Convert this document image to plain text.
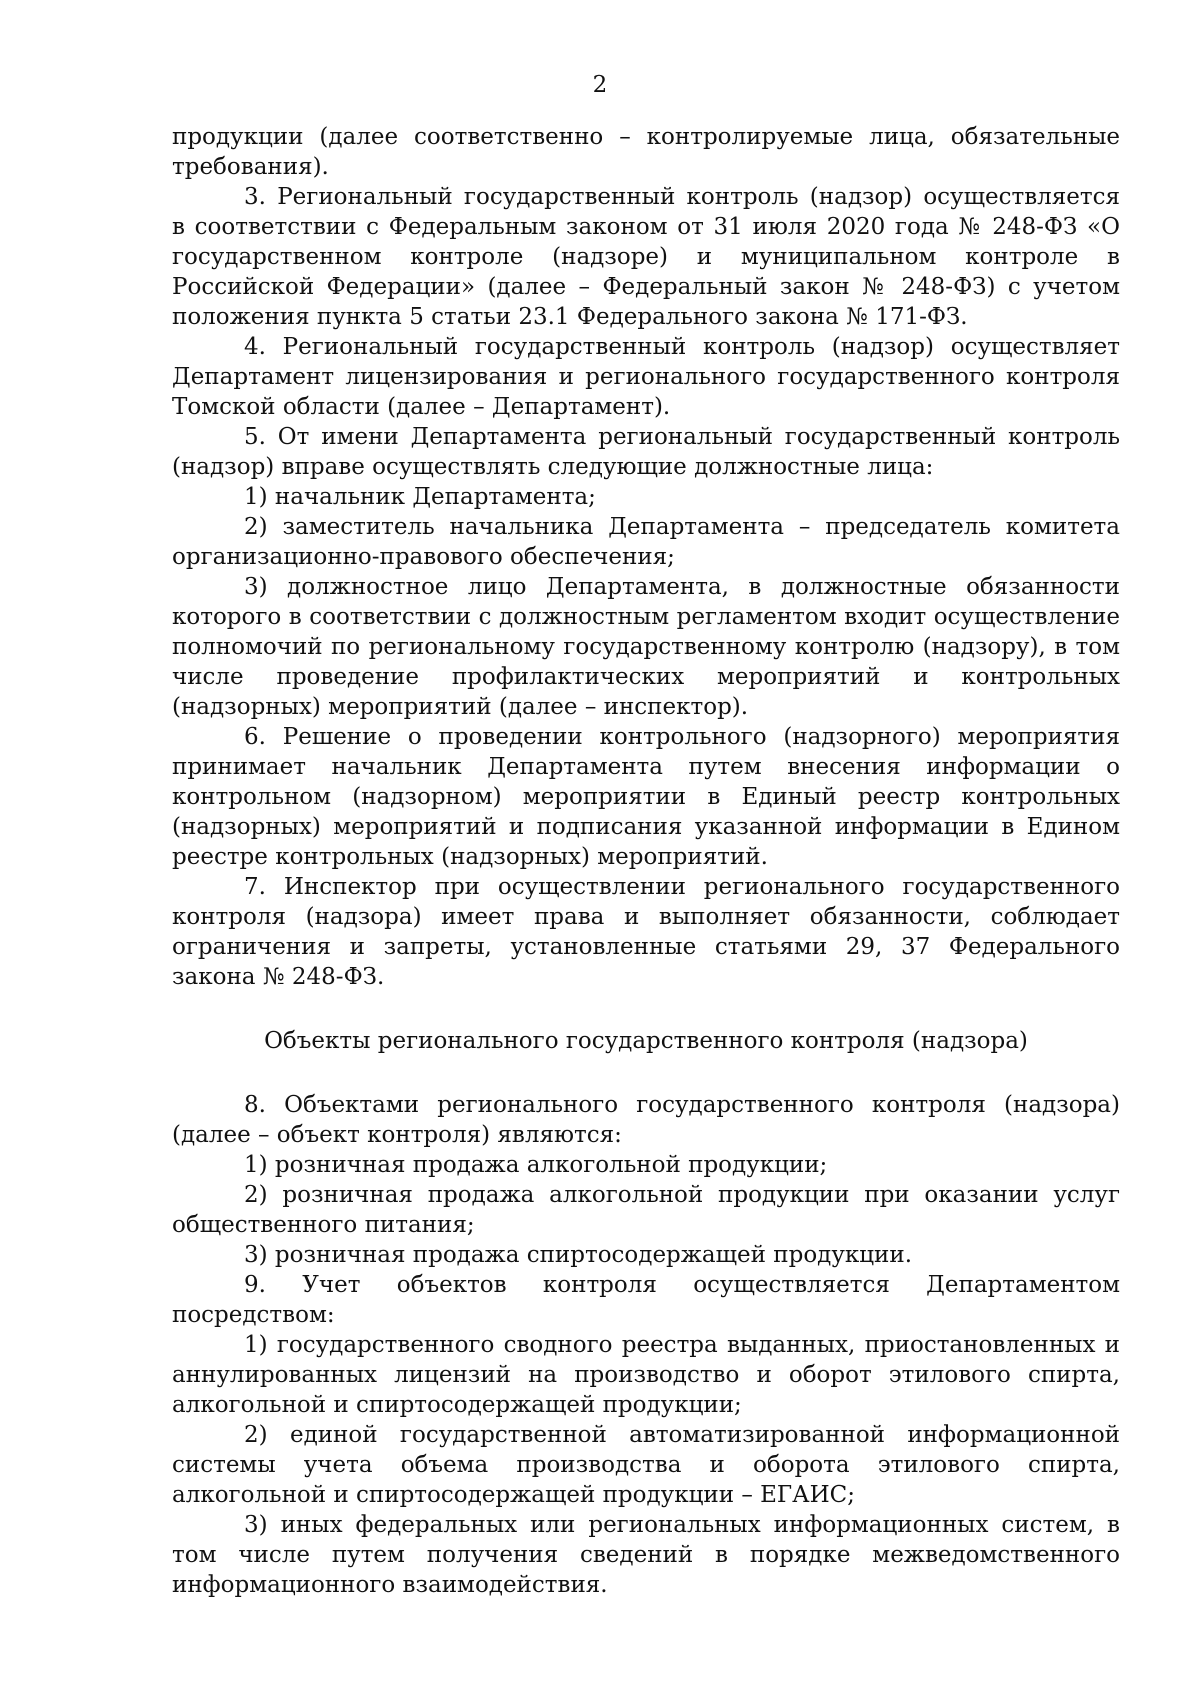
2

продукции (далее соответственно – контролируемые лица, обязательные требования).

3. Региональный государственный контроль (надзор) осуществляется в соответствии с Федеральным законом от 31 июля 2020 года № 248-ФЗ «О государственном контроле (надзоре) и муниципальном контроле в Российской Федерации» (далее – Федеральный закон № 248-ФЗ) с учетом положения пункта 5 статьи 23.1 Федерального закона № 171-ФЗ.

4. Региональный государственный контроль (надзор) осуществляет Департамент лицензирования и регионального государственного контроля Томской области (далее – Департамент).

5. От имени Департамента региональный государственный контроль (надзор) вправе осуществлять следующие должностные лица:

1) начальник Департамента;

2) заместитель начальника Департамента – председатель комитета организационно-правового обеспечения;

3) должностное лицо Департамента, в должностные обязанности которого в соответствии с должностным регламентом входит осуществление полномочий по региональному государственному контролю (надзору), в том числе проведение профилактических мероприятий и контрольных (надзорных) мероприятий (далее – инспектор).

6. Решение о проведении контрольного (надзорного) мероприятия принимает начальник Департамента путем внесения информации о контрольном (надзорном) мероприятии в Единый реестр контрольных (надзорных) мероприятий и подписания указанной информации в Едином реестре контрольных (надзорных) мероприятий.

7. Инспектор при осуществлении регионального государственного контроля (надзора) имеет права и выполняет обязанности, соблюдает ограничения и запреты, установленные статьями 29, 37 Федерального закона № 248-ФЗ.

Объекты регионального государственного контроля (надзора)

8. Объектами регионального государственного контроля (надзора) (далее – объект контроля) являются:

1) розничная продажа алкогольной продукции;

2) розничная продажа алкогольной продукции при оказании услуг общественного питания;

3) розничная продажа спиртосодержащей продукции.

9. Учет объектов контроля осуществляется Департаментом посредством:

1) государственного сводного реестра выданных, приостановленных и аннулированных лицензий на производство и оборот этилового спирта, алкогольной и спиртосодержащей продукции;

2) единой государственной автоматизированной информационной системы учета объема производства и оборота этилового спирта, алкогольной и спиртосодержащей продукции – ЕГАИС;

3) иных федеральных или региональных информационных систем, в том числе путем получения сведений в порядке межведомственного информационного взаимодействия.
